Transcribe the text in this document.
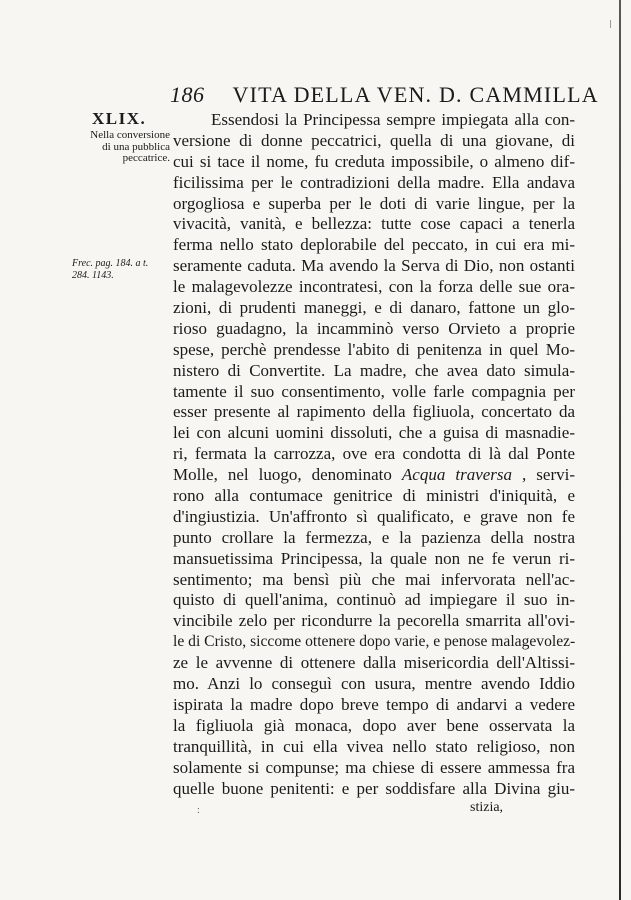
186 VITA DELLA VEN. D. CAMMILLA
XLIX.
Nella conversione
di una pubblica
peccatrice.
Frec. pag. 184. a t.
284. 1143.
Essendosi la Principessa sempre impiegata alla con-
versione di donne peccatrici, quella di una giovane, di
cui si tace il nome, fu creduta impossibile, o almeno dif-
ficilissima per le contradizioni della madre. Ella andava
orgogliosa e superba per le doti di varie lingue, per la
vivacità, vanità, e bellezza: tutte cose capaci a tenerla
ferma nello stato deplorabile del peccato, in cui era mi-
seramente caduta. Ma avendo la Serva di Dio, non ostanti
le malagevolezze incontratesi, con la forza delle sue ora-
zioni, di prudenti maneggi, e di danaro, fattone un glo-
rioso guadagno, la incamminò verso Orvieto a proprie
spese, perchè prendesse l'abito di penitenza in quel Mo-
nistero di Convertite. La madre, che avea dato simula-
tamente il suo consentimento, volle farle compagnia per
esser presente al rapimento della figliuola, concertato da
lei con alcuni uomini dissoluti, che a guisa di masnadie-
ri, fermata la carrozza, ove era condotta di là dal Ponte
Molle, nel luogo, denominato Acqua traversa , servi-
rono alla contumace genitrice di ministri d'iniquità, e
d'ingiustizia. Un'affronto sì qualificato, e grave non fe
punto crollare la fermezza, e la pazienza della nostra
mansuetissima Principessa, la quale non ne fe verun ri-
sentimento; ma bensì più che mai infervorata nell'ac-
quisto di quell'anima, continuò ad impiegare il suo in-
vincibile zelo per ricondurre la pecorella smarrita all'ovi-
le di Cristo, siccome ottenere dopo varie, e penose malagevolez-
ze le avvenne di ottenere dalla misericordia dell'Altissi-
mo. Anzi lo conseguì con usura, mentre avendo Iddio
ispirata la madre dopo breve tempo di andarvi a vedere
la figliuola già monaca, dopo aver bene osservata la
tranquillità, in cui ella vivea nello stato religioso, non
solamente si compunse; ma chiese di essere ammessa fra
quelle buone penitenti: e per soddisfare alla Divina giu-
:	stizia,
